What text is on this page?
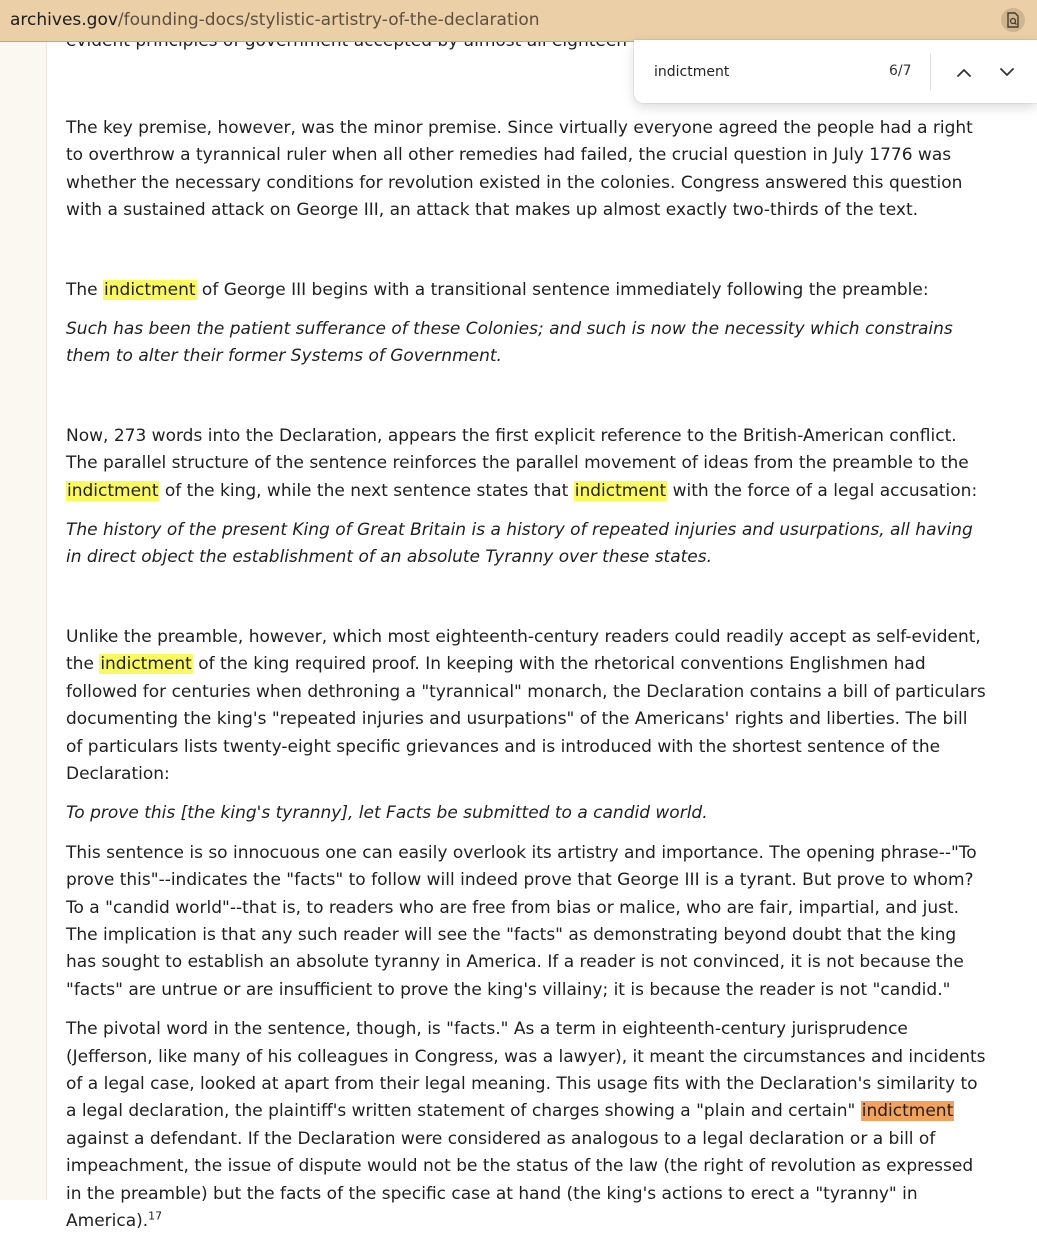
archives.gov/founding-docs/stylistic-artistry-of-the-declaration

The key premise, however, was the minor premise. Since virtually everyone agreed the people had a right to overthrow a tyrannical ruler when all other remedies had failed, the crucial question in July 1776 was whether the necessary conditions for revolution existed in the colonies. Congress answered this question with a sustained attack on George III, an attack that makes up almost exactly two-thirds of the text.

The indictment of George III begins with a transitional sentence immediately following the preamble:

Such has been the patient sufferance of these Colonies; and such is now the necessity which constrains them to alter their former Systems of Government.

Now, 273 words into the Declaration, appears the first explicit reference to the British-American conflict. The parallel structure of the sentence reinforces the parallel movement of ideas from the preamble to the indictment of the king, while the next sentence states that indictment with the force of a legal accusation:

The history of the present King of Great Britain is a history of repeated injuries and usurpations, all having in direct object the establishment of an absolute Tyranny over these states.

Unlike the preamble, however, which most eighteenth-century readers could readily accept as self-evident, the indictment of the king required proof. In keeping with the rhetorical conventions Englishmen had followed for centuries when dethroning a "tyrannical" monarch, the Declaration contains a bill of particulars documenting the king's "repeated injuries and usurpations" of the Americans' rights and liberties. The bill of particulars lists twenty-eight specific grievances and is introduced with the shortest sentence of the Declaration:

To prove this [the king's tyranny], let Facts be submitted to a candid world.

This sentence is so innocuous one can easily overlook its artistry and importance. The opening phrase--"To prove this"--indicates the "facts" to follow will indeed prove that George III is a tyrant. But prove to whom? To a "candid world"--that is, to readers who are free from bias or malice, who are fair, impartial, and just. The implication is that any such reader will see the "facts" as demonstrating beyond doubt that the king has sought to establish an absolute tyranny in America. If a reader is not convinced, it is not because the "facts" are untrue or are insufficient to prove the king's villainy; it is because the reader is not "candid."

The pivotal word in the sentence, though, is "facts." As a term in eighteenth-century jurisprudence (Jefferson, like many of his colleagues in Congress, was a lawyer), it meant the circumstances and incidents of a legal case, looked at apart from their legal meaning. This usage fits with the Declaration's similarity to a legal declaration, the plaintiff's written statement of charges showing a "plain and certain" indictment against a defendant. If the Declaration were considered as analogous to a legal declaration or a bill of impeachment, the issue of dispute would not be the status of the law (the right of revolution as expressed in the preamble) but the facts of the specific case at hand (the king's actions to erect a "tyranny" in America).$^{17}$

indictment
6/7
